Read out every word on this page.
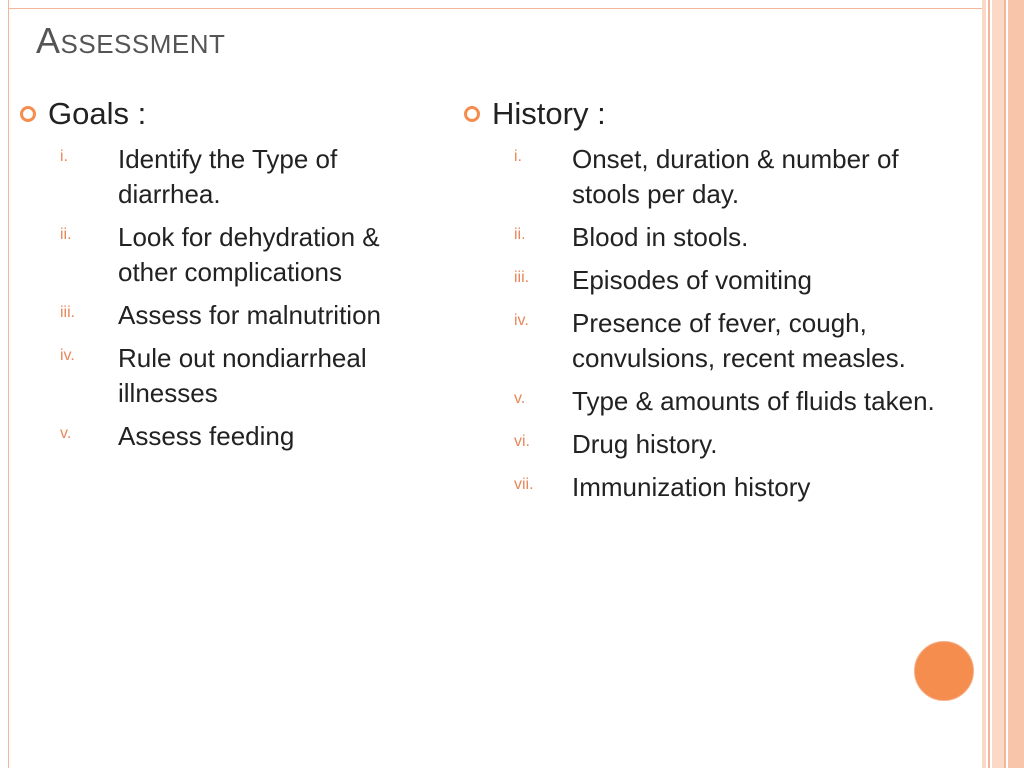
ASSESSMENT
Goals :
i.	Identify the Type of diarrhea.
ii.	Look for dehydration & other complications
iii.	Assess for malnutrition
iv.	Rule out nondiarrheal illnesses
v.	Assess feeding
History :
i.	Onset, duration & number of stools per day.
ii.	Blood in stools.
iii.	Episodes of vomiting
iv.	Presence of fever, cough, convulsions, recent measles.
v.	Type & amounts of fluids taken.
vi.	Drug history.
vii.	Immunization history
